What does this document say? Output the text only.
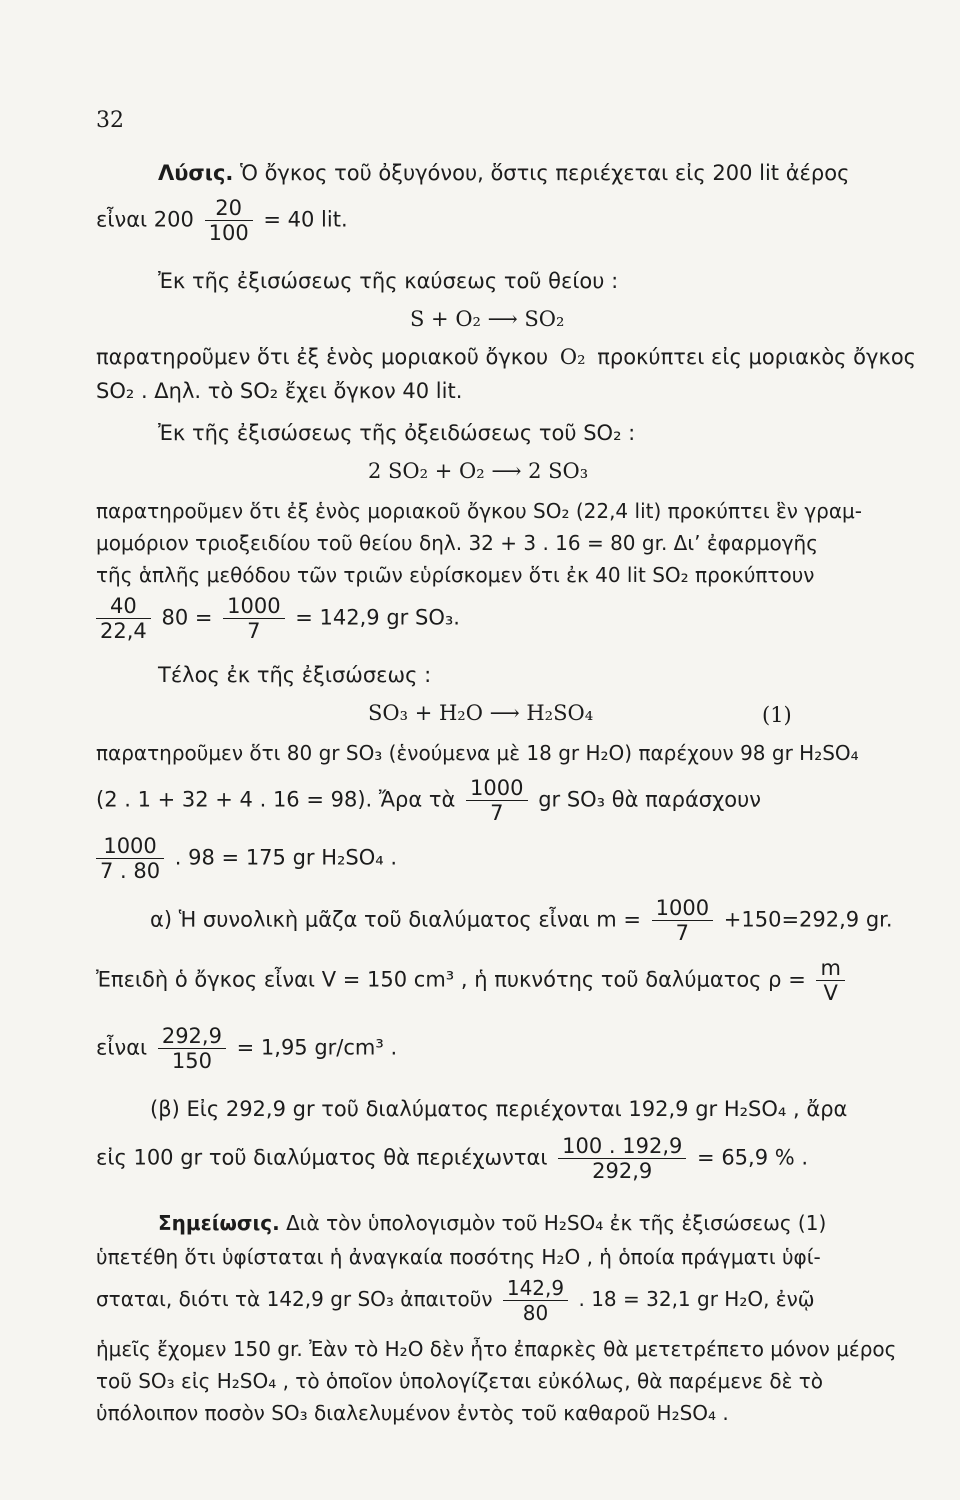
32
Λύσις. Ὁ ὄγκος τοῦ ὀξυγόνου, ὅστις περιέχεται εἰς 200 lit ἀέρος
εἶναι $200 \frac{20}{100} = 40$ lit.
Ἐκ τῆς ἐξισώσεως τῆς καύσεως τοῦ θείου :
S + O₂ ⟶ SO₂
παρατηροῦμεν ὅτι ἐξ ἑνὸς μοριακοῦ ὄγκου O₂ προκύπτει εἰς μοριακὸς ὄγκος
SO₂ . Δηλ. τὸ SO₂ ἔχει ὄγκον 40 lit.
Ἐκ τῆς ἐξισώσεως τῆς ὀξειδώσεως τοῦ SO₂ :
2 SO₂ + O₂ ⟶ 2 SO₃
παρατηροῦμεν ὅτι ἐξ ἑνὸς μοριακοῦ ὄγκου SO₂ (22,4 lit) προκύπτει ἓν γραμ-
μομόριον τριοξειδίου τοῦ θείου δηλ. 32 + 3 . 16 = 80 gr. Δι’ ἐφαρμογῆς
τῆς ἁπλῆς μεθόδου τῶν τριῶν εὑρίσκομεν ὅτι ἐκ 40 lit SO₂ προκύπτουν
$\frac{40}{22,4} 80 = \frac{1000}{7} = 142,9$ gr SO₃.
Τέλος ἐκ τῆς ἐξισώσεως :
SO₃ + H₂O ⟶ H₂SO₄	(1)
παρατηροῦμεν ὅτι 80 gr SO₃ (ἑνούμενα μὲ 18 gr H₂O) παρέχουν 98 gr H₂SO₄
(2 . 1 + 32 + 4 . 16 = 98). Ἄρα τὰ $\frac{1000}{7}$ gr SO₃ θὰ παράσχουν
$\frac{1000}{7 . 80}$ . 98 = 175 gr H₂SO₄ .
α) Ἡ συνολικὴ μᾶζα τοῦ διαλύματος εἶναι $m = \frac{1000}{7} +150=292,9$ gr.
Ἐπειδὴ ὁ ὄγκος εἶναι V = 150 cm³ , ἡ πυκνότης τοῦ δαλύματος $\rho = \frac{m}{V}$
εἶναι $\frac{292,9}{150} = 1,95$ gr/cm³ .
(β) Εἰς 292,9 gr τοῦ διαλύματος περιέχονται 192,9 gr H₂SO₄ , ἄρα
εἰς 100 gr τοῦ διαλύματος θὰ περιέχωνται $\frac{100 . 192,9}{292,9} = 65,9$ % .
Σημείωσις. Διὰ τὸν ὑπολογισμὸν τοῦ H₂SO₄ ἐκ τῆς ἐξισώσεως (1)
ὑπετέθη ὅτι ὑφίσταται ἡ ἀναγκαία ποσότης H₂O , ἡ ὁποία πράγματι ὑφί-
σταται, διότι τὰ 142,9 gr SO₃ ἀπαιτοῦν $\frac{142,9}{80}$ . 18 = 32,1 gr H₂O, ἐνῷ
ἡμεῖς ἔχομεν 150 gr. Ἐὰν τὸ H₂O δὲν ἦτο ἐπαρκὲς θὰ μετετρέπετο μόνον μέρος
τοῦ SO₃ εἰς H₂SO₄ , τὸ ὁποῖον ὑπολογίζεται εὐκόλως, θὰ παρέμενε δὲ τὸ
ὑπόλοιπον ποσὸν SO₃ διαλελυμένον ἐντὸς τοῦ καθαροῦ H₂SO₄ .
